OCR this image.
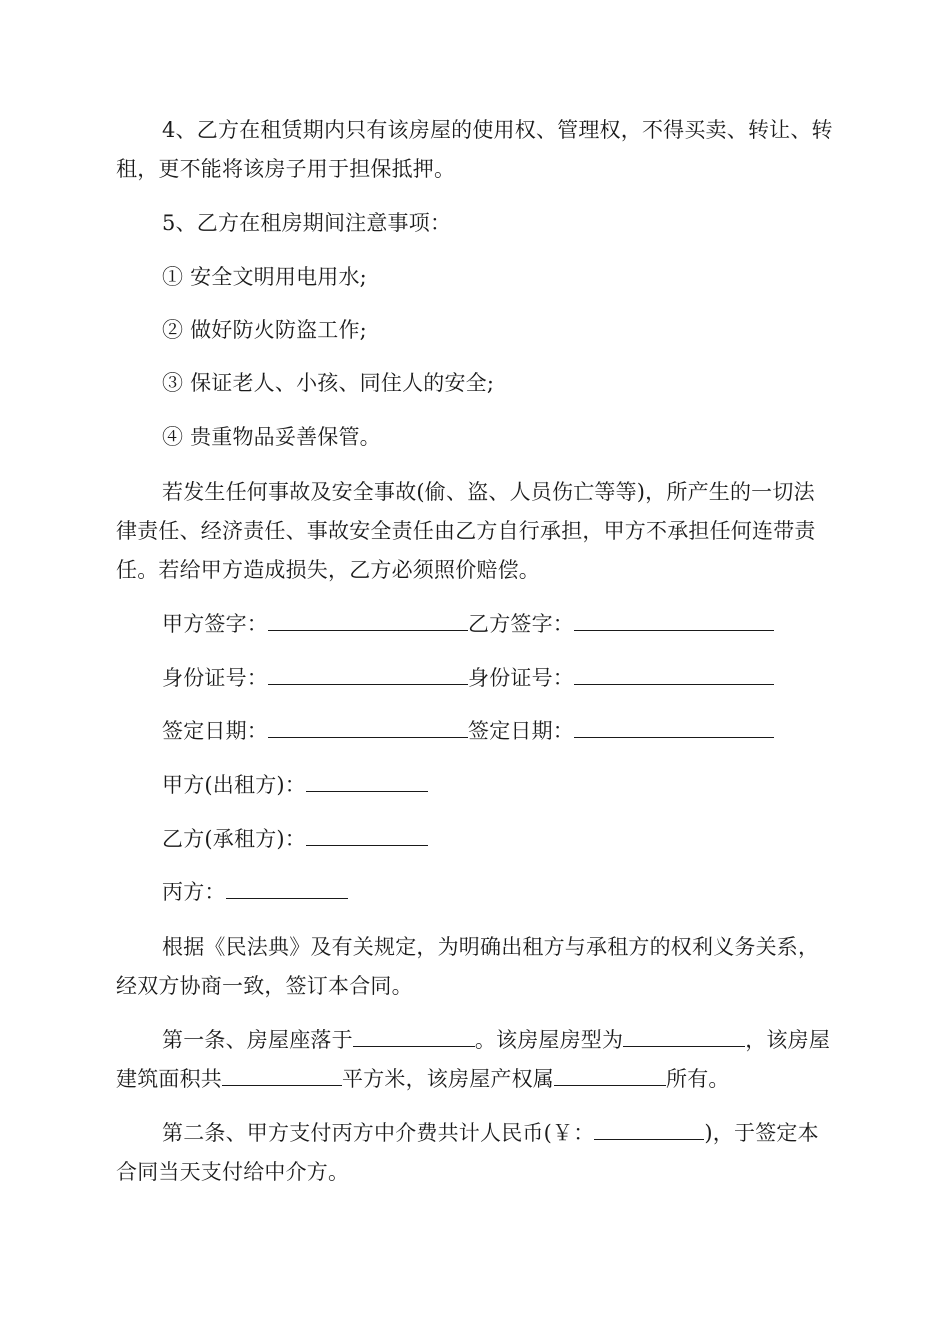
4、乙方在租赁期内只有该房屋的使用权、管理权，不得买卖、转让、转租，更不能将该房子用于担保抵押。

5、乙方在租房期间注意事项：

① 安全文明用电用水;

② 做好防火防盗工作;

③ 保证老人、小孩、同住人的安全;

④ 贵重物品妥善保管。

若发生任何事故及安全事故(偷、盗、人员伤亡等等)，所产生的一切法律责任、经济责任、事故安全责任由乙方自行承担，甲方不承担任何连带责任。若给甲方造成损失，乙方必须照价赔偿。

甲方签字：	乙方签字：
身份证号：	身份证号：
签定日期：	签定日期：
甲方(出租方)：
乙方(承租方)：
丙方：

根据《民法典》及有关规定，为明确出租方与承租方的权利义务关系，经双方协商一致，签订本合同。

第一条、房屋座落于	。该房屋房型为	，该房屋建筑面积共	平方米，该房屋产权属	所有。

第二条、甲方支付丙方中介费共计人民币(￥：	)，于签定本合同当天支付给中介方。
